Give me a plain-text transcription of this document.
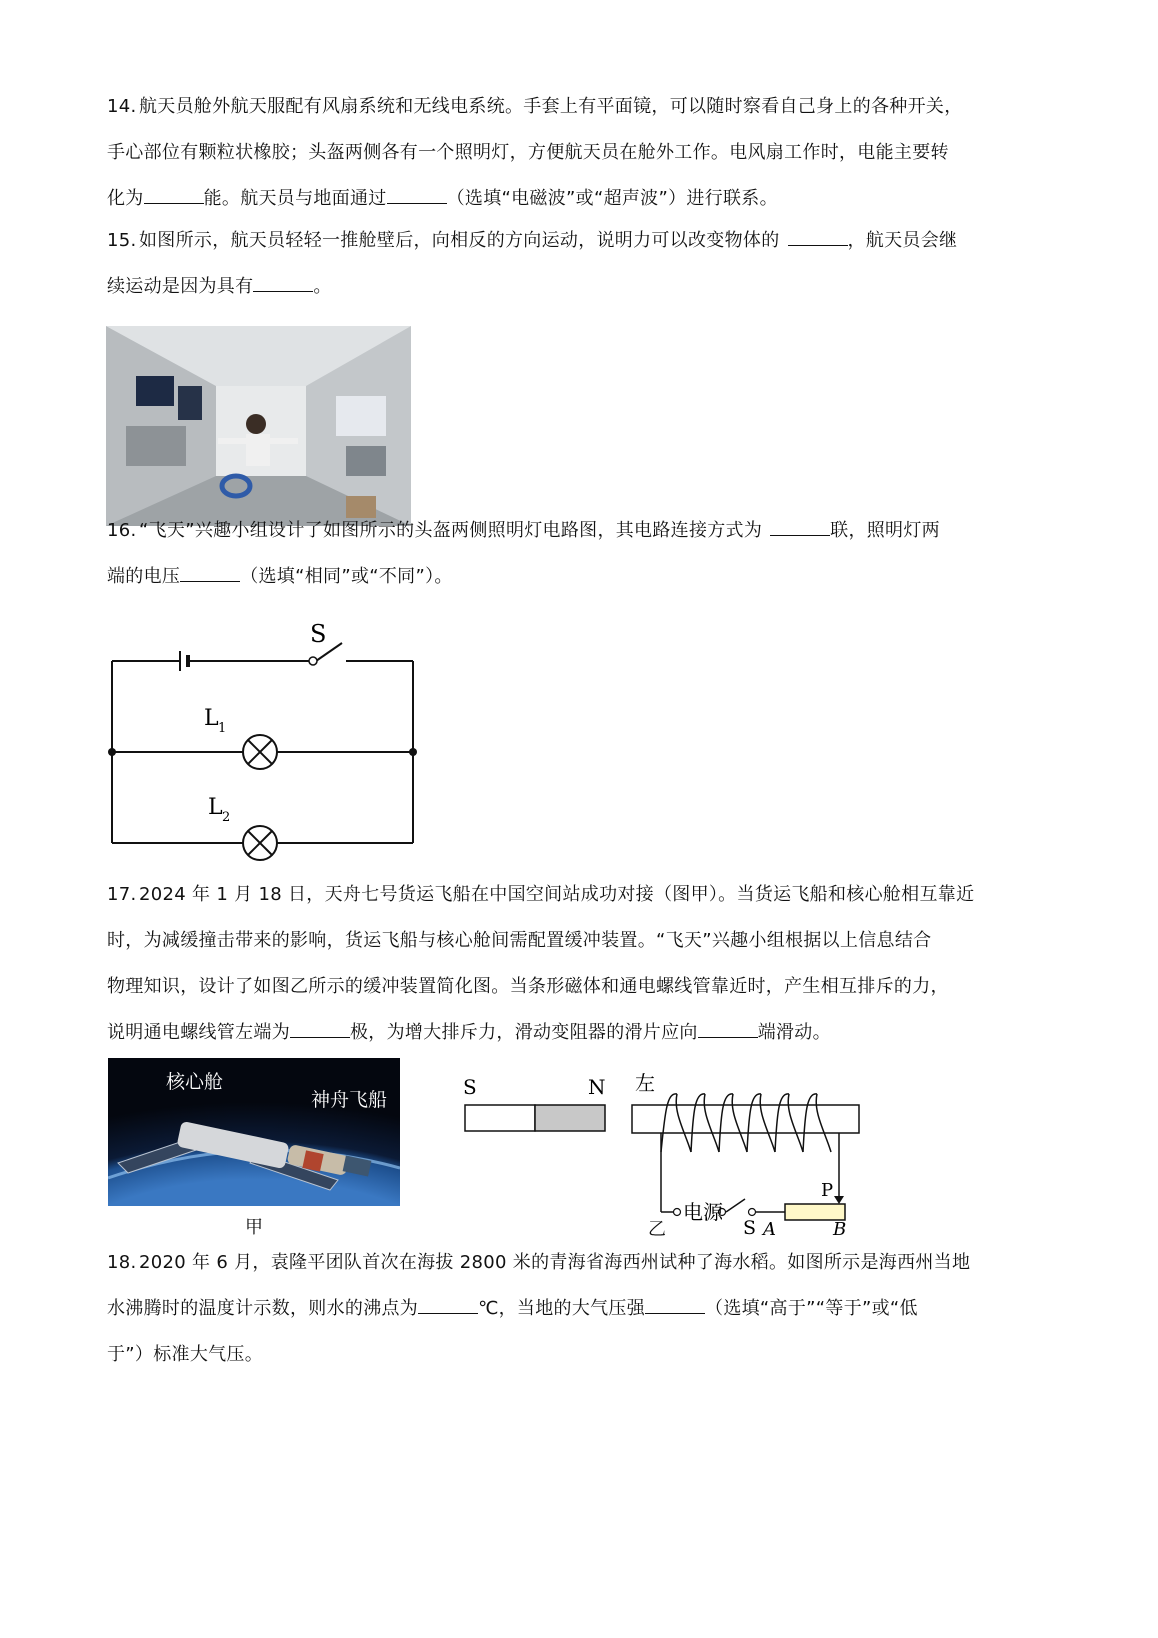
14. 航天员舱外航天服配有风扇系统和无线电系统。手套上有平面镜，可以随时察看自己身上的各种开关，

手心部位有颗粒状橡胶；头盔两侧各有一个照明灯，方便航天员在舱外工作。电风扇工作时，电能主要转

化为	能。航天员与地面通过	（选填“电磁波”或“超声波”）进行联系。

15. 如图所示，航天员轻轻一推舱壁后，向相反的方向运动，说明力可以改变物体的	，航天员会继

续运动是因为具有	。

16. “飞天”兴趣小组设计了如图所示的头盔两侧照明灯电路图，其电路连接方式为	联，照明灯两

端的电压	（选填“相同”或“不同”）。

S
L 1
L 2

17. 2024 年 1 月 18 日，天舟七号货运飞船在中国空间站成功对接（图甲）。当货运飞船和核心舱相互靠近

时，为减缓撞击带来的影响，货运飞船与核心舱间需配置缓冲装置。“飞天”兴趣小组根据以上信息结合

物理知识，设计了如图乙所示的缓冲装置简化图。当条形磁体和通电螺线管靠近时，产生相互排斥的力，

说明通电螺线管左端为	极，为增大排斥力，滑动变阻器的滑片应向	端滑动。

核心舱
神舟飞船
甲
S	N 左
电源
S
P
A	B
乙

18. 2020 年 6 月，袁隆平团队首次在海拔 2800 米的青海省海西州试种了海水稻。如图所示是海西州当地

水沸腾时的温度计示数，则水的沸点为	℃，当地的大气压强	（选填“高于”“等于”或“低

于”）标准大气压。
